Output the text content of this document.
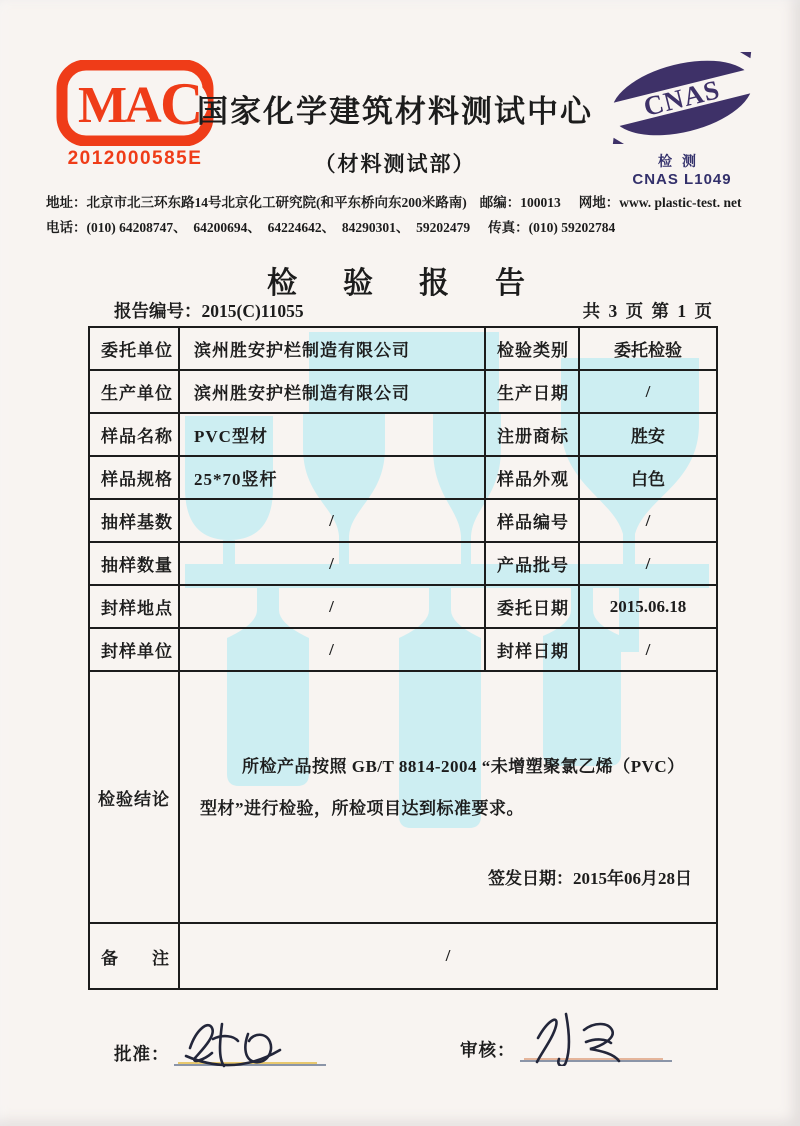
C
MA
2012000585E
国家化学建筑材料测试中心
（材料测试部）
CNAS
检测
CNAS L1049
地址： 北京市北三环东路14号北京化工研究院(和平东桥向东200米路南) 邮编： 100013 网地： www. plastic-test. net
电话： (010) 64208747、  64200694、  64224642、  84290301、  59202479 传真： (010) 59202784
检　验　报　告
报告编号：2015(C)11055	共 3 页 第 1 页
委托单位	滨州胜安护栏制造有限公司	检验类别	委托检验
生产单位	滨州胜安护栏制造有限公司	生产日期	/
样品名称	PVC型材	注册商标	胜安
样品规格	25*70竖杆	样品外观	白色
抽样基数	/	样品编号	/
抽样数量	/	产品批号	/
封样地点	/	委托日期	2015.06.18
封样单位	/	封样日期	/
检验结论
所检产品按照 GB/T 8814-2004 “未增塑聚氯乙烯（PVC）
型材”进行检验，所检项目达到标准要求。
签发日期：2015年06月28日
备　　注	/
批准：	审核：
